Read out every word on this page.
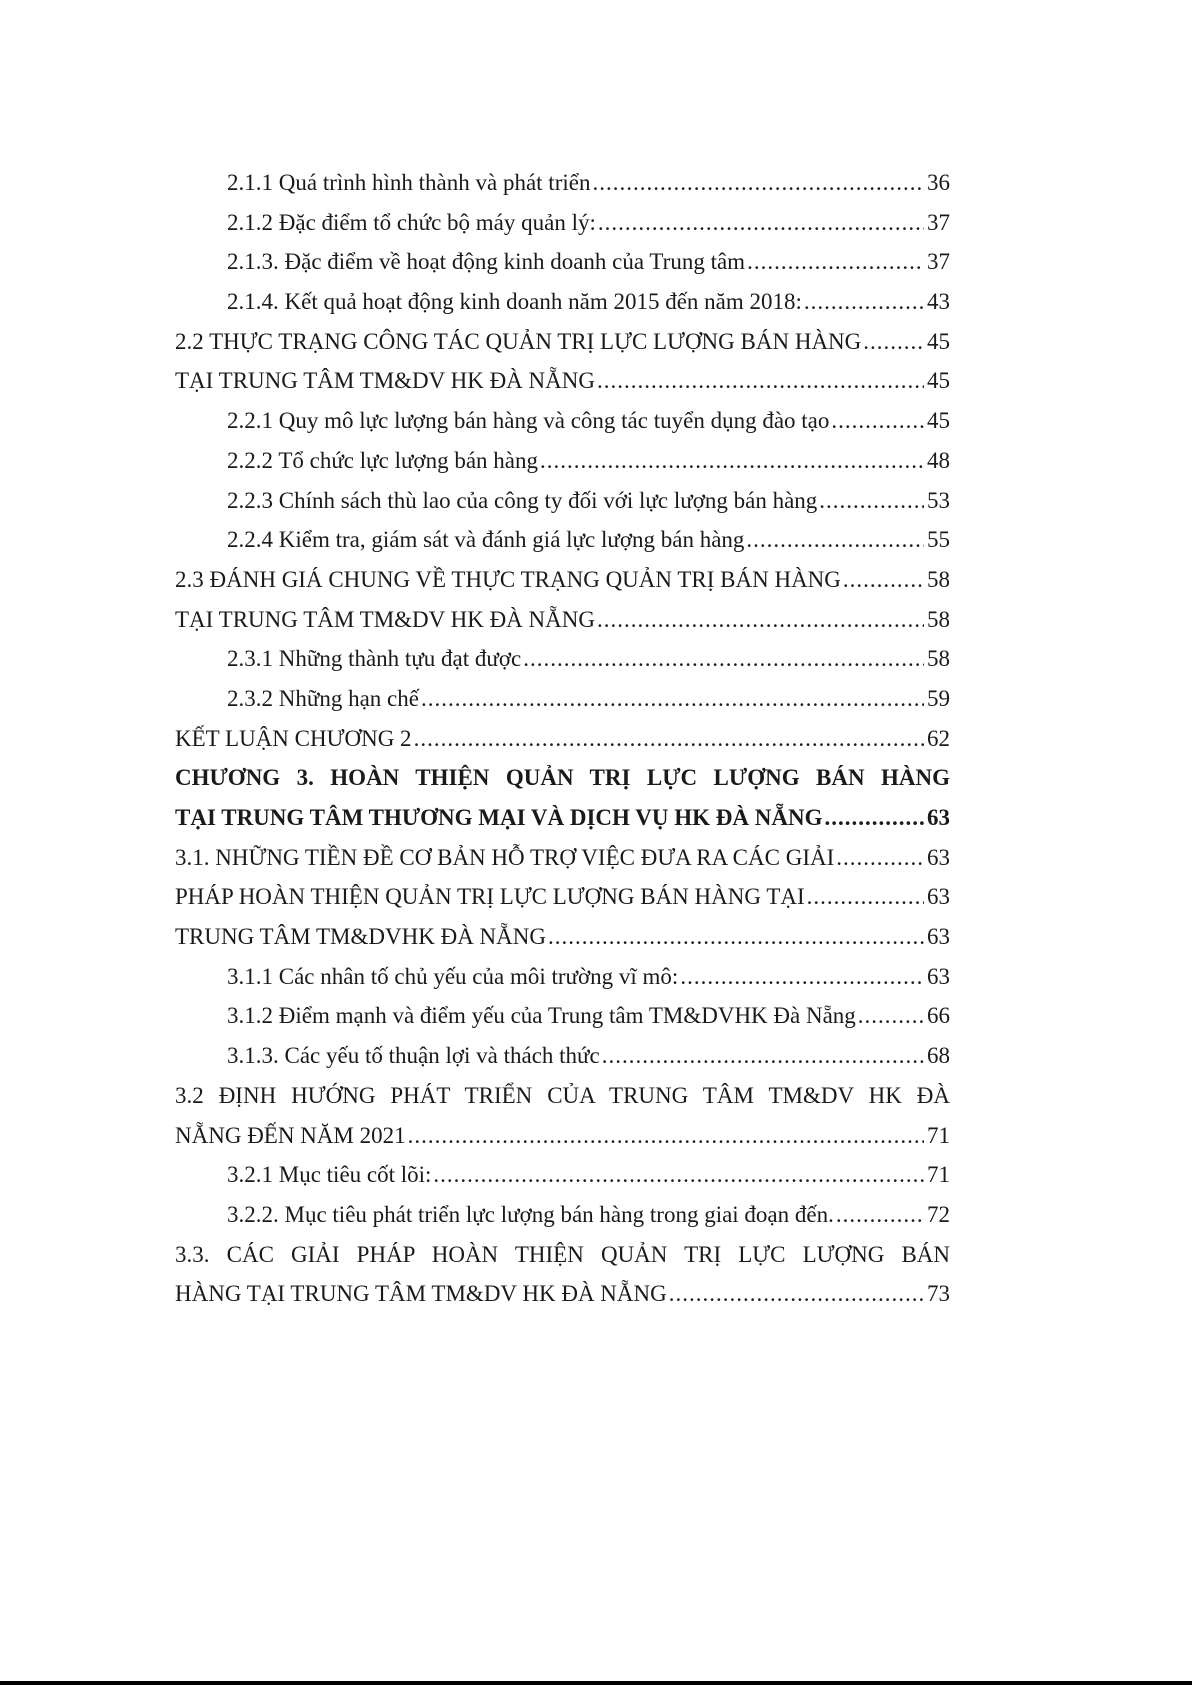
2.1.1 Quá trình hình thành và phát triển .....	36
2.1.2 Đặc điểm tổ chức bộ máy quản lý: .....	37
2.1.3. Đặc điểm về hoạt động kinh doanh của Trung tâm .....	37
2.1.4. Kết quả hoạt động kinh doanh năm 2015 đến năm 2018: .....	43
2.2 THỰC TRẠNG CÔNG TÁC QUẢN TRỊ LỰC LƯỢNG BÁN HÀNG .....	45
TẠI TRUNG TÂM TM&DV HK ĐÀ NẴNG .....	45
2.2.1 Quy mô lực lượng bán hàng và công tác tuyển dụng đào tạo .....	45
2.2.2 Tổ chức lực lượng bán hàng .....	48
2.2.3 Chính sách thù lao của công ty đối với lực lượng bán hàng .....	53
2.2.4 Kiểm tra, giám sát và đánh giá lực lượng bán hàng .....	55
2.3 ĐÁNH GIÁ CHUNG VỀ THỰC TRẠNG QUẢN TRỊ BÁN HÀNG .....	58
TẠI TRUNG TÂM TM&DV HK ĐÀ NẴNG .....	58
2.3.1 Những thành tựu đạt được .....	58
2.3.2 Những hạn chế .....	59
KẾT LUẬN CHƯƠNG 2 .....	62
CHƯƠNG 3. HOÀN THIỆN QUẢN TRỊ LỰC LƯỢNG BÁN HÀNG
TẠI TRUNG TÂM THƯƠNG MẠI VÀ DỊCH VỤ HK ĐÀ NẴNG .....	63
3.1. NHỮNG TIỀN ĐỀ CƠ BẢN HỖ TRỢ VIỆC ĐƯA RA CÁC GIẢI .....	63
PHÁP HOÀN THIỆN QUẢN TRỊ LỰC LƯỢNG BÁN HÀNG TẠI .....	63
TRUNG TÂM TM&DVHK ĐÀ NẴNG .....	63
3.1.1 Các nhân tố chủ yếu của môi trường vĩ mô: .....	63
3.1.2 Điểm mạnh và điểm yếu của Trung tâm TM&DVHK Đà Nẵng .....	66
3.1.3. Các yếu tố thuận lợi và thách thức .....	68
3.2 ĐỊNH HƯỚNG PHÁT TRIỂN CỦA TRUNG TÂM TM&DV HK ĐÀ
NẴNG ĐẾN NĂM 2021 .....	71
3.2.1 Mục tiêu cốt lõi: .....	71
3.2.2. Mục tiêu phát triển lực lượng bán hàng trong giai đoạn đến. .....	72
3.3. CÁC GIẢI PHÁP HOÀN THIỆN QUẢN TRỊ LỰC LƯỢNG BÁN
HÀNG TẠI TRUNG TÂM TM&DV HK ĐÀ NẴNG .....	73
